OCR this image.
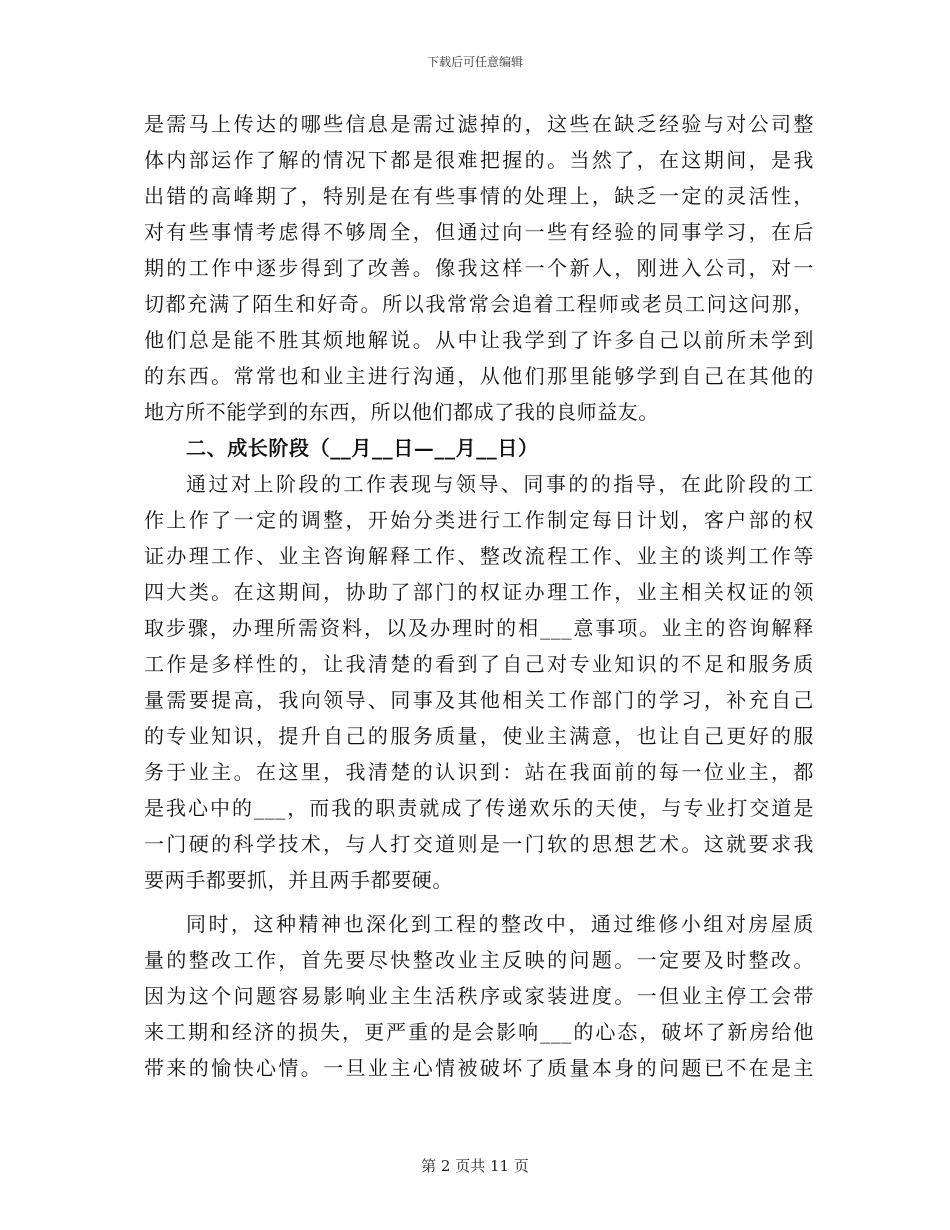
下载后可任意编辑
是需马上传达的哪些信息是需过滤掉的，这些在缺乏经验与对公司整
体内部运作了解的情况下都是很难把握的。当然了，在这期间，是我
出错的高峰期了，特别是在有些事情的处理上，缺乏一定的灵活性，
对有些事情考虑得不够周全，但通过向一些有经验的同事学习，在后
期的工作中逐步得到了改善。像我这样一个新人，刚进入公司，对一
切都充满了陌生和好奇。所以我常常会追着工程师或老员工问这问那，
他们总是能不胜其烦地解说。从中让我学到了许多自己以前所未学到
的东西。常常也和业主进行沟通，从他们那里能够学到自己在其他的
地方所不能学到的东西，所以他们都成了我的良师益友。
二、成长阶段（__月__日—__月__日）
通过对上阶段的工作表现与领导、同事的的指导，在此阶段的工
作上作了一定的调整，开始分类进行工作制定每日计划，客户部的权
证办理工作、业主咨询解释工作、整改流程工作、业主的谈判工作等
四大类。在这期间，协助了部门的权证办理工作，业主相关权证的领
取步骤，办理所需资料，以及办理时的相___意事项。业主的咨询解释
工作是多样性的，让我清楚的看到了自己对专业知识的不足和服务质
量需要提高，我向领导、同事及其他相关工作部门的学习，补充自己
的专业知识，提升自己的服务质量，使业主满意，也让自己更好的服
务于业主。在这里，我清楚的认识到：站在我面前的每一位业主，都
是我心中的___，而我的职责就成了传递欢乐的天使，与专业打交道是
一门硬的科学技术，与人打交道则是一门软的思想艺术。这就要求我
要两手都要抓，并且两手都要硬。
同时，这种精神也深化到工程的整改中，通过维修小组对房屋质
量的整改工作，首先要尽快整改业主反映的问题。一定要及时整改。
因为这个问题容易影响业主生活秩序或家装进度。一但业主停工会带
来工期和经济的损失，更严重的是会影响___的心态，破坏了新房给他
带来的愉快心情。一旦业主心情被破坏了质量本身的问题已不在是主
第 2 页共 11 页
